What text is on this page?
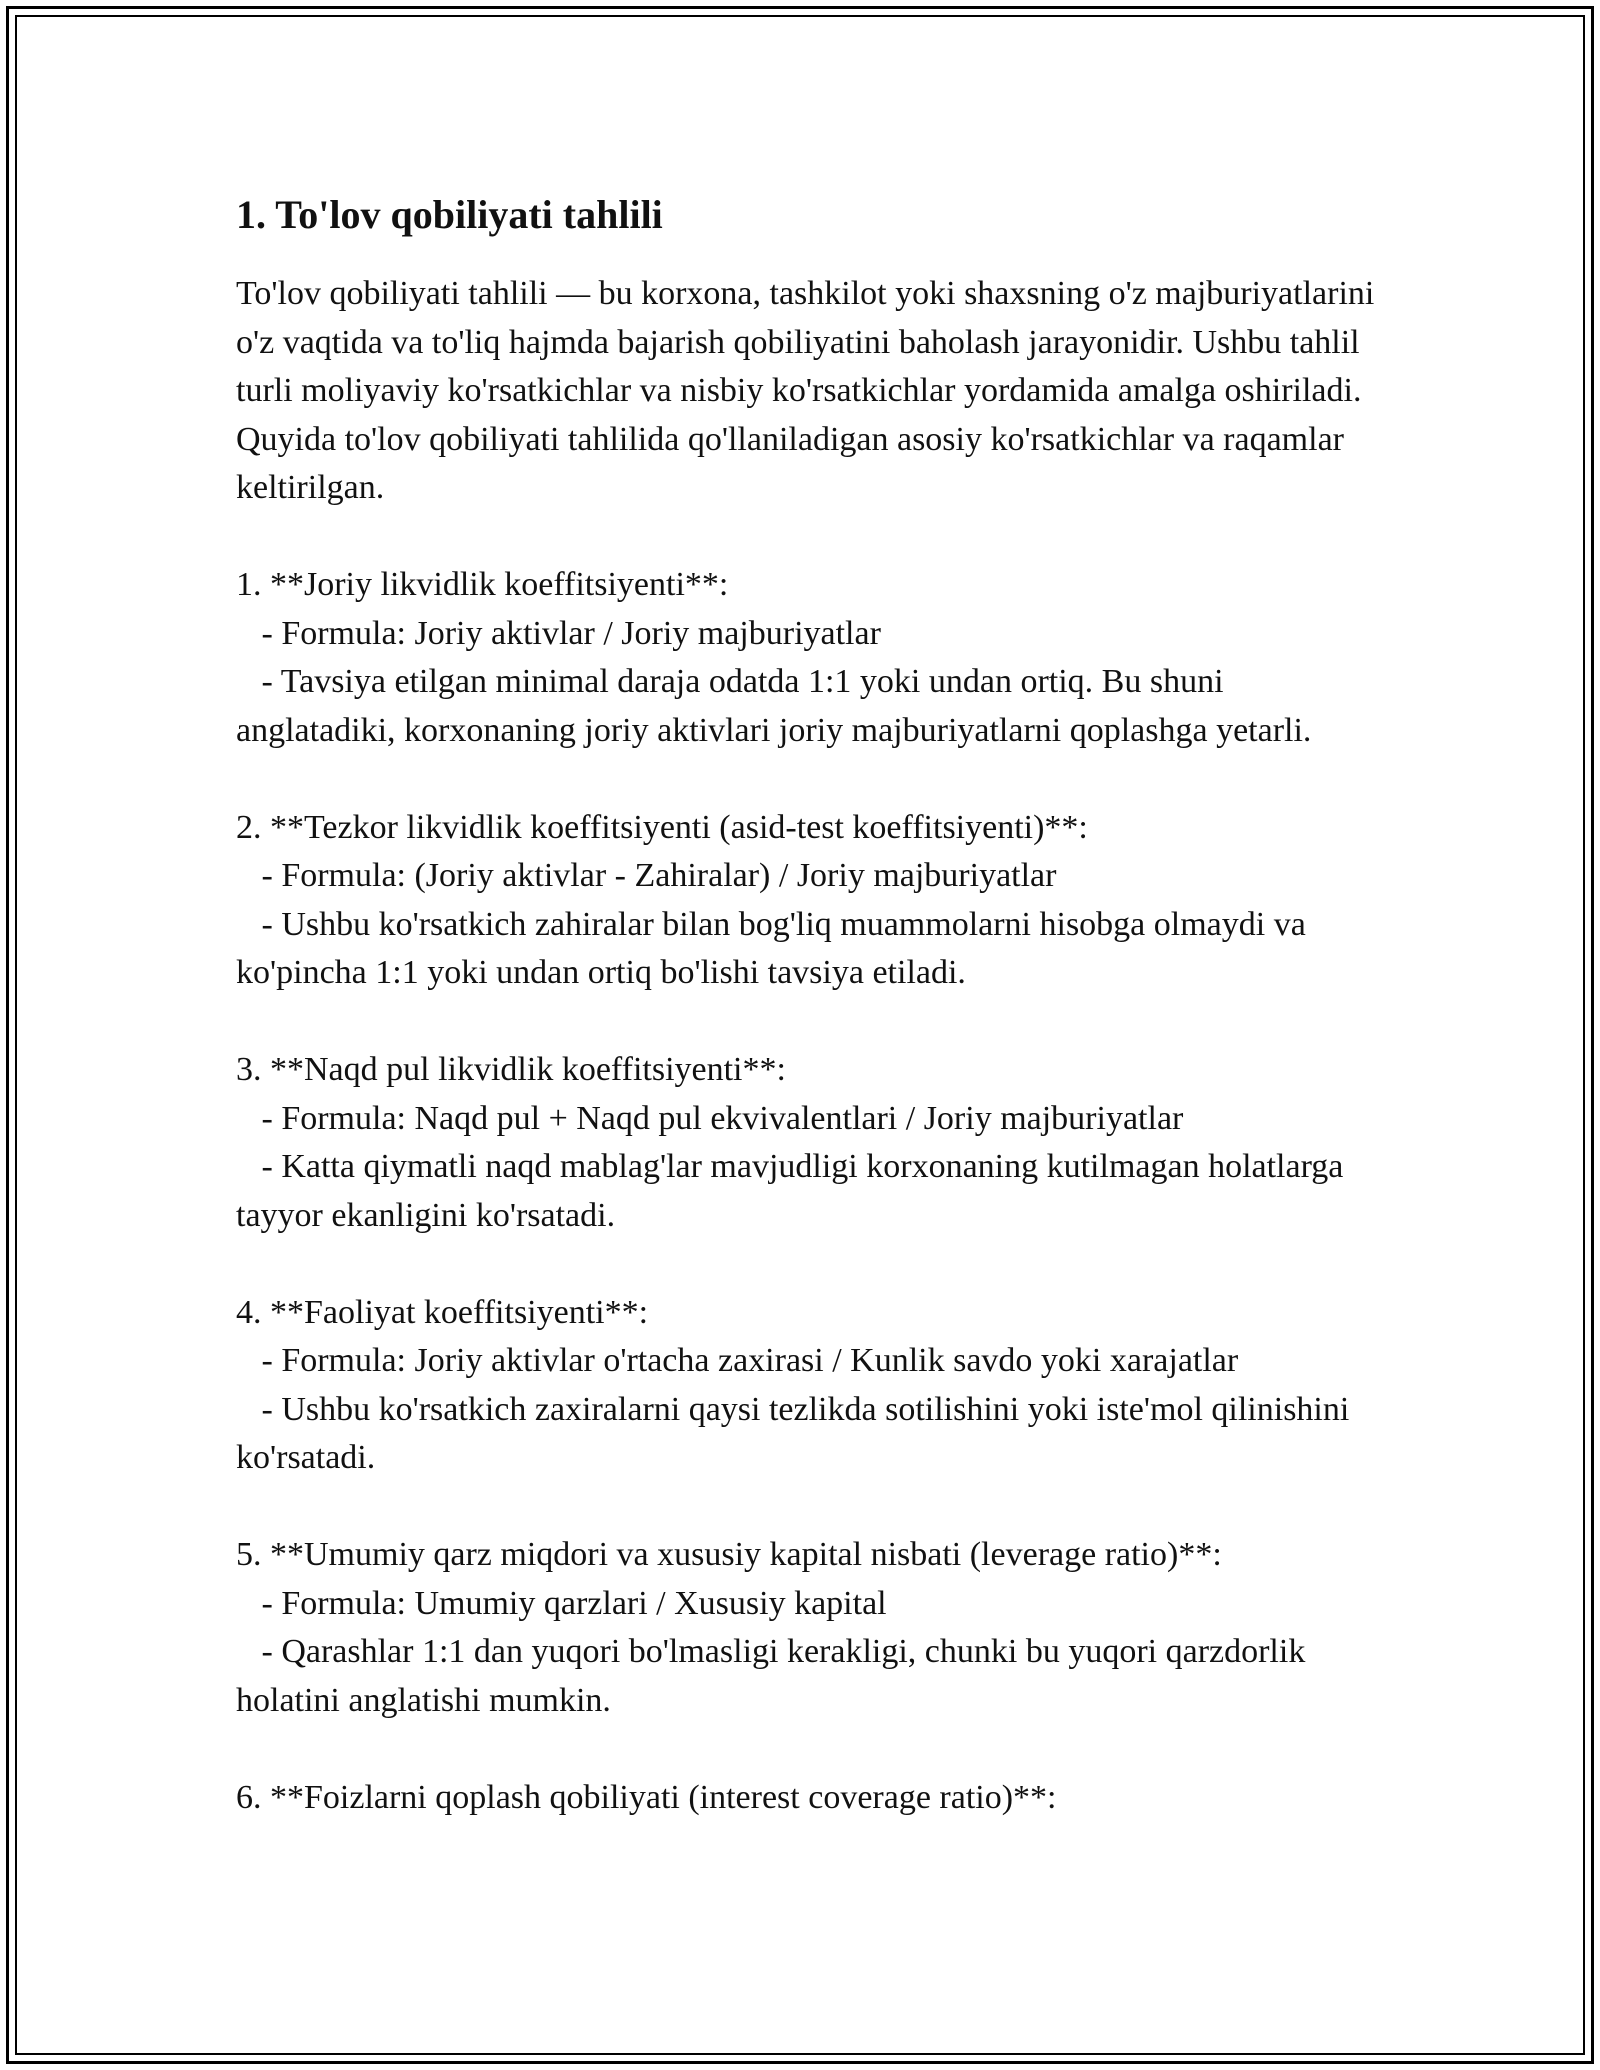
1. To'lov qobiliyati tahlili

To'lov qobiliyati tahlili — bu korxona, tashkilot yoki shaxsning o'z majburiyatlarini o'z vaqtida va to'liq hajmda bajarish qobiliyatini baholash jarayonidir. Ushbu tahlil turli moliyaviy ko'rsatkichlar va nisbiy ko'rsatkichlar yordamida amalga oshiriladi. Quyida to'lov qobiliyati tahlilida qo'llaniladigan asosiy ko'rsatkichlar va raqamlar keltirilgan.

1. **Joriy likvidlik koeffitsiyenti**:

- Formula: Joriy aktivlar / Joriy majburiyatlar

- Tavsiya etilgan minimal daraja odatda 1:1 yoki undan ortiq. Bu shuni anglatadiki, korxonaning joriy aktivlari joriy majburiyatlarni qoplashga yetarli.

2. **Tezkor likvidlik koeffitsiyenti (asid-test koeffitsiyenti)**:

- Formula: (Joriy aktivlar - Zahiralar) / Joriy majburiyatlar

- Ushbu ko'rsatkich zahiralar bilan bog'liq muammolarni hisobga olmaydi va ko'pincha 1:1 yoki undan ortiq bo'lishi tavsiya etiladi.

3. **Naqd pul likvidlik koeffitsiyenti**:

- Formula: Naqd pul + Naqd pul ekvivalentlari / Joriy majburiyatlar

- Katta qiymatli naqd mablag'lar mavjudligi korxonaning kutilmagan holatlarga tayyor ekanligini ko'rsatadi.

4. **Faoliyat koeffitsiyenti**:

- Formula: Joriy aktivlar o'rtacha zaxirasi / Kunlik savdo yoki xarajatlar

- Ushbu ko'rsatkich zaxiralarni qaysi tezlikda sotilishini yoki iste'mol qilinishini ko'rsatadi.

5. **Umumiy qarz miqdori va xususiy kapital nisbati (leverage ratio)**:

- Formula: Umumiy qarzlari / Xususiy kapital

- Qarashlar 1:1 dan yuqori bo'lmasligi kerakligi, chunki bu yuqori qarzdorlik holatini anglatishi mumkin.

6. **Foizlarni qoplash qobiliyati (interest coverage ratio)**:
